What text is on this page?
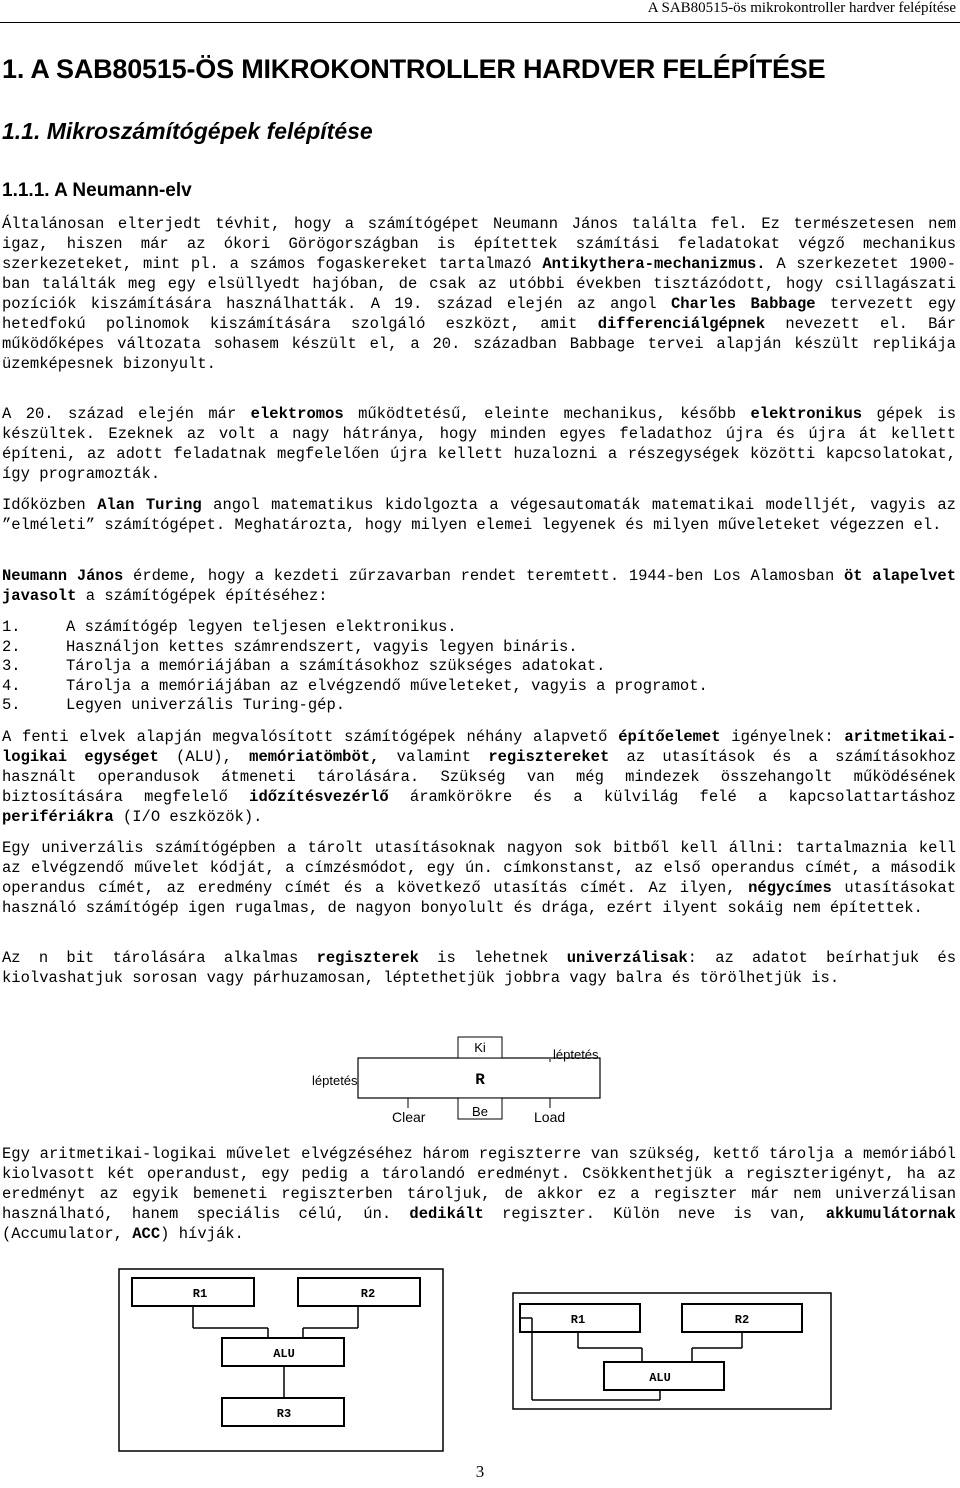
A SAB80515-ös mikrokontroller hardver felépítése
1. A SAB80515-ÖS MIKROKONTROLLER HARDVER FELÉPÍTÉSE
1.1. Mikroszámítógépek felépítése
1.1.1. A Neumann-elv

Általánosan elterjedt tévhit, hogy a számítógépet Neumann János találta fel. Ez természetesen nem igaz, hiszen már az ókori Görögországban is építettek számítási feladatokat végző mechanikus szerkezeteket, mint pl. a számos fogaskereket tartalmazó Antikythera-mechanizmus. A szerkezetet 1900-ban találták meg egy elsüllyedt hajóban, de csak az utóbbi években tisztázódott, hogy csillagászati pozíciók kiszámítására használhatták. A 19. század elején az angol Charles Babbage tervezett egy hetedfokú polinomok kiszámítására szolgáló eszközt, amit differenciálgépnek nevezett el. Bár működőképes változata sohasem készült el, a 20. században Babbage tervei alapján készült replikája üzemképesnek bizonyult.

A 20. század elején már elektromos működtetésű, eleinte mechanikus, később elektronikus gépek is készültek. Ezeknek az volt a nagy hátránya, hogy minden egyes feladathoz újra és újra át kellett építeni, az adott feladatnak megfelelően újra kellett huzalozni a részegységek közötti kapcsolatokat, így programozták.

Időközben Alan Turing angol matematikus kidolgozta a végesautomaták matematikai modelljét, vagyis az ”elméleti” számítógépet. Meghatározta, hogy milyen elemei legyenek és milyen műveleteket végezzen el.

Neumann János érdeme, hogy a kezdeti zűrzavarban rendet teremtett. 1944-ben Los Alamosban öt alapelvet javasolt a számítógépek építéséhez:

1.	A számítógép legyen teljesen elektronikus.
2.	Használjon kettes számrendszert, vagyis legyen bináris.
3.	Tárolja a memóriájában a számításokhoz szükséges adatokat.
4.	Tárolja a memóriájában az elvégzendő műveleteket, vagyis a programot.
5.	Legyen univerzális Turing-gép.

A fenti elvek alapján megvalósított számítógépek néhány alapvető építőelemet igényelnek: aritmetikai-logikai egységet (ALU), memóriatömböt, valamint regisztereket az utasítások és a számításokhoz használt operandusok átmeneti tárolására. Szükség van még mindezek összehangolt működésének biztosítására megfelelő időzítésvezérlő áramkörökre és a külvilág felé a kapcsolattartáshoz perifériákra (I/O eszközök).

Egy univerzális számítógépben a tárolt utasításoknak nagyon sok bitből kell állni: tartalmaznia kell az elvégzendő művelet kódját, a címzésmódot, egy ún. címkonstanst, az első operandus címét, a második operandus címét, az eredmény címét és a következő utasítás címét. Az ilyen, négycímes utasításokat használó számítógép igen rugalmas, de nagyon bonyolult és drága, ezért ilyent sokáig nem építettek.

Az n bit tárolására alkalmas regiszterek is lehetnek univerzálisak: az adatot beírhatjuk és kiolvashatjuk sorosan vagy párhuzamosan, léptethetjük jobbra vagy balra és törölhetjük is.

R
Ki
Be
léptetés
léptetés
Clear	Load

Egy aritmetikai-logikai művelet elvégzéséhez három regiszterre van szükség, kettő tárolja a memóriából kiolvasott két operandust, egy pedig a tárolandó eredményt. Csökkenthetjük a regiszterigényt, ha az eredményt az egyik bemeneti regiszterben tároljuk, de akkor ez a regiszter már nem univerzálisan használható, hanem speciális célú, ún. dedikált regiszter. Külön neve is van, akkumulátornak (Accumulator, ACC) hívják.

R1	R2
ALU
R3
R1	R2
ALU
3
